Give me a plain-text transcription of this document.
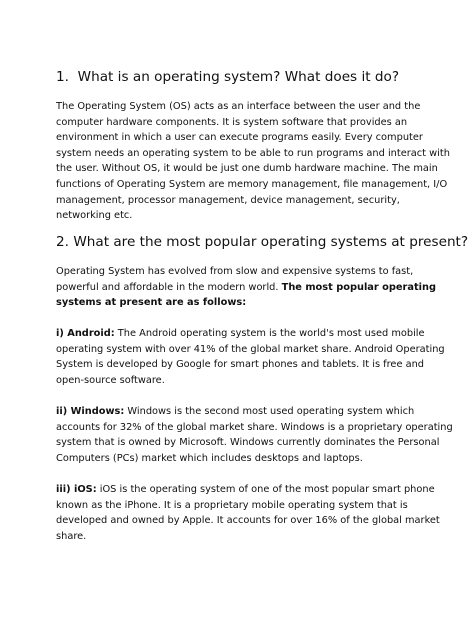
1. What is an operating system? What does it do?
The Operating System (OS) acts as an interface between the user and the
computer hardware components. It is system software that provides an
environment in which a user can execute programs easily. Every computer
system needs an operating system to be able to run programs and interact with
the user. Without OS, it would be just one dumb hardware machine. The main
functions of Operating System are memory management, file management, I/O
management, processor management, device management, security,
networking etc.
2. What are the most popular operating systems at present?
Operating System has evolved from slow and expensive systems to fast,
powerful and affordable in the modern world. The most popular operating
systems at present are as follows:
i) Android: The Android operating system is the world's most used mobile
operating system with over 41% of the global market share. Android Operating
System is developed by Google for smart phones and tablets. It is free and
open-source software.
ii) Windows: Windows is the second most used operating system which
accounts for 32% of the global market share. Windows is a proprietary operating
system that is owned by Microsoft. Windows currently dominates the Personal
Computers (PCs) market which includes desktops and laptops.
iii) iOS: iOS is the operating system of one of the most popular smart phone
known as the iPhone. It is a proprietary mobile operating system that is
developed and owned by Apple. It accounts for over 16% of the global market
share.
